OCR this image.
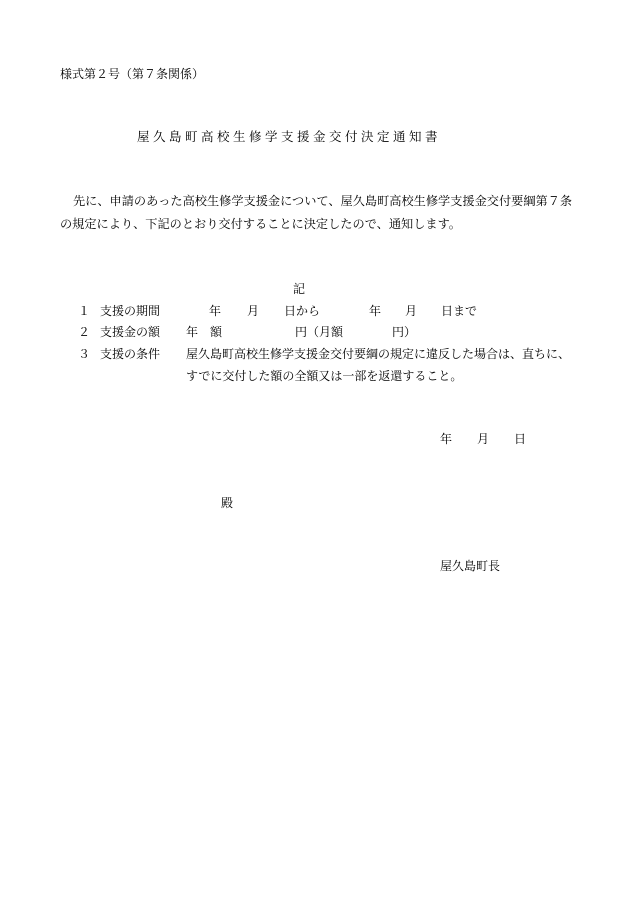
様式第２号（第７条関係）
屋久島町高校生修学支援金交付決定通知書
先に、申請のあった高校生修学支援金について、屋久島町高校生修学支援金交付要綱第７条
の規定により、下記のとおり交付することに決定したので、通知します。
記
１ 支援の期間	年 月 日から	年 月 日まで
２ 支援金の額 年　額	円（月額	円）
３ 支援の条件 屋久島町高校生修学支援金交付要綱の規定に違反した場合は、直ちに、
すでに交付した額の全額又は一部を返還すること。
年 月 日
殿
屋久島町長
